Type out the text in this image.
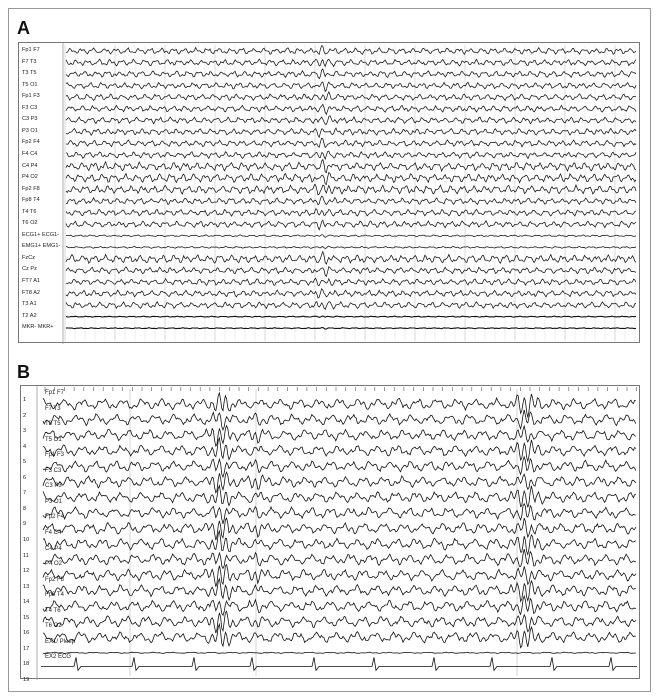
A
Fp1 F7
F7 T3
T3 T5
T5 O1
Fp1 F3
F3 C3
C3 P3
P3 O1
Fp2 F4
F4 C4
C4 P4
P4 O2
Fp2 F8
Fp8 T4
T4 T6
T6 O2
ECG1+ ECG1-
EMG1+ EMG1-
FzCz
Cz Pz
FT7 A1
FT8 A2
T3 A1
T2 A2
MKR- MKR+
B
1
2
3
4
5
6
7
8
9
10
11
12
13
14
15
16
17
18
19
Fp1 F7
F7 T3
T3 T5
T5 O1
Fp1 F3
F3 C3
C3 P3
P3 O1
Fp2 F4
F4 C4
C4 P4
P4 O2
Fp2 F8
Fp8 T4
T4 T6
T6 O2
EX1/ Pleep
EX2 ECG
